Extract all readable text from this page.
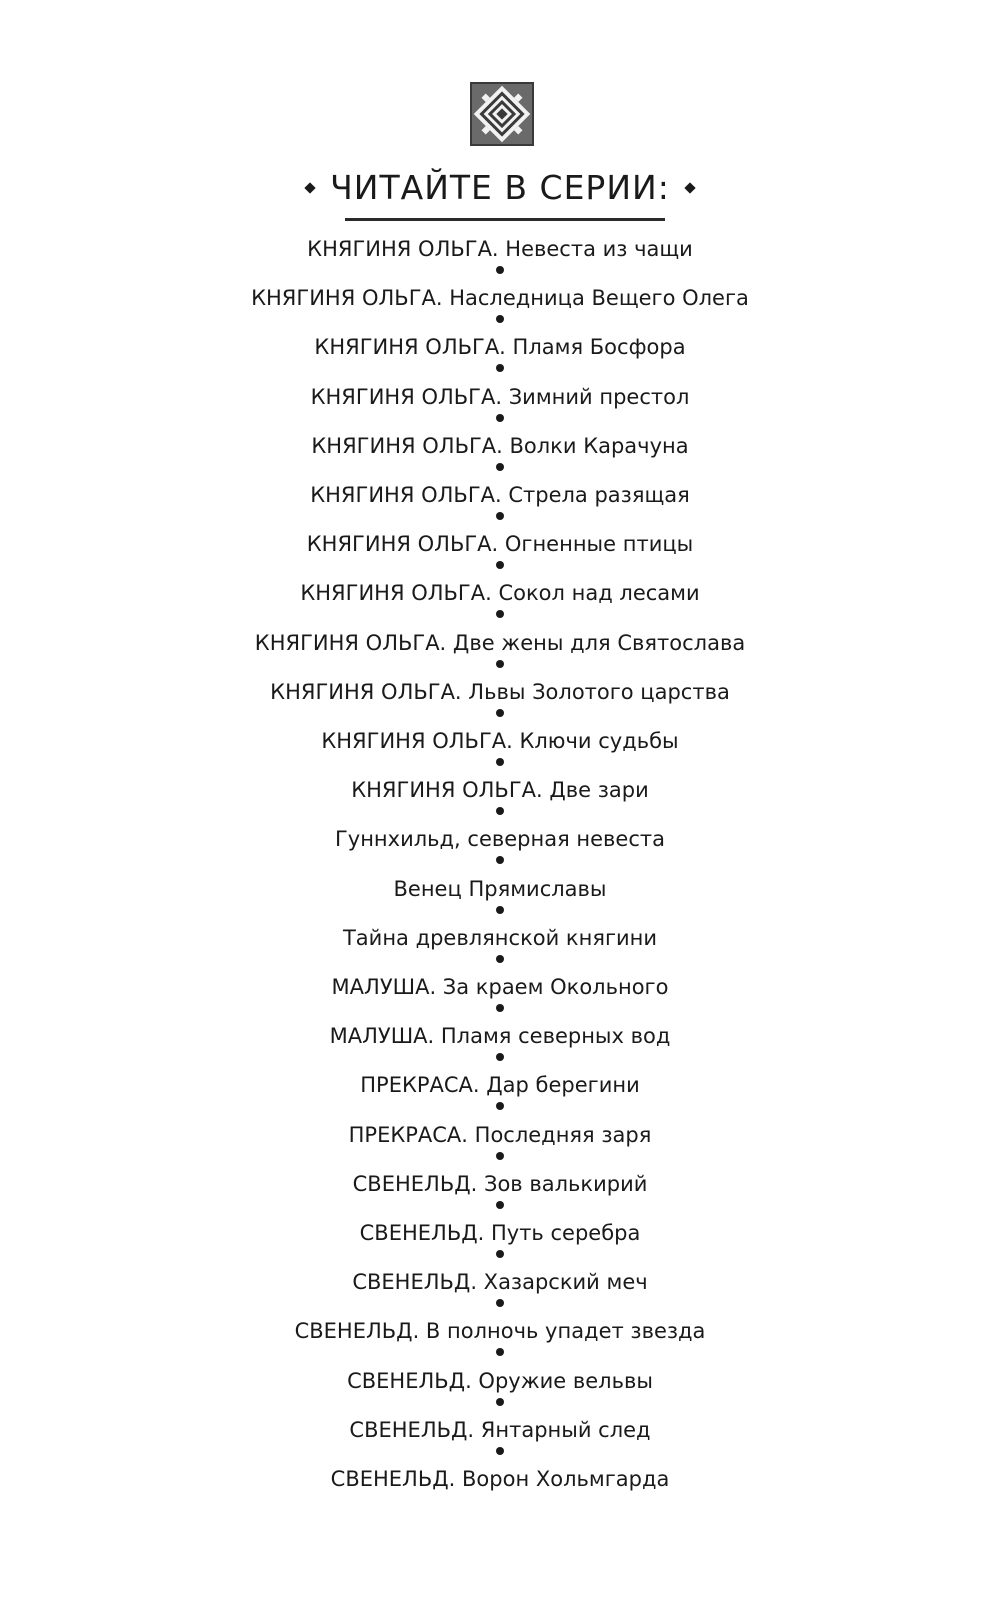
ЧИТАЙТЕ В СЕРИИ:
КНЯГИНЯ ОЛЬГА. Невеста из чащи
КНЯГИНЯ ОЛЬГА. Наследница Вещего Олега
КНЯГИНЯ ОЛЬГА. Пламя Босфора
КНЯГИНЯ ОЛЬГА. Зимний престол
КНЯГИНЯ ОЛЬГА. Волки Карачуна
КНЯГИНЯ ОЛЬГА. Стрела разящая
КНЯГИНЯ ОЛЬГА. Огненные птицы
КНЯГИНЯ ОЛЬГА. Сокол над лесами
КНЯГИНЯ ОЛЬГА. Две жены для Святослава
КНЯГИНЯ ОЛЬГА. Львы Золотого царства
КНЯГИНЯ ОЛЬГА. Ключи судьбы
КНЯГИНЯ ОЛЬГА. Две зари
Гуннхильд, северная невеста
Венец Прямиславы
Тайна древлянской княгини
МАЛУША. За краем Окольного
МАЛУША. Пламя северных вод
ПРЕКРАСА. Дар берегини
ПРЕКРАСА. Последняя заря
СВЕНЕЛЬД. Зов валькирий
СВЕНЕЛЬД. Путь серебра
СВЕНЕЛЬД. Хазарский меч
СВЕНЕЛЬД. В полночь упадет звезда
СВЕНЕЛЬД. Оружие вельвы
СВЕНЕЛЬД. Янтарный след
СВЕНЕЛЬД. Ворон Хольмгарда
